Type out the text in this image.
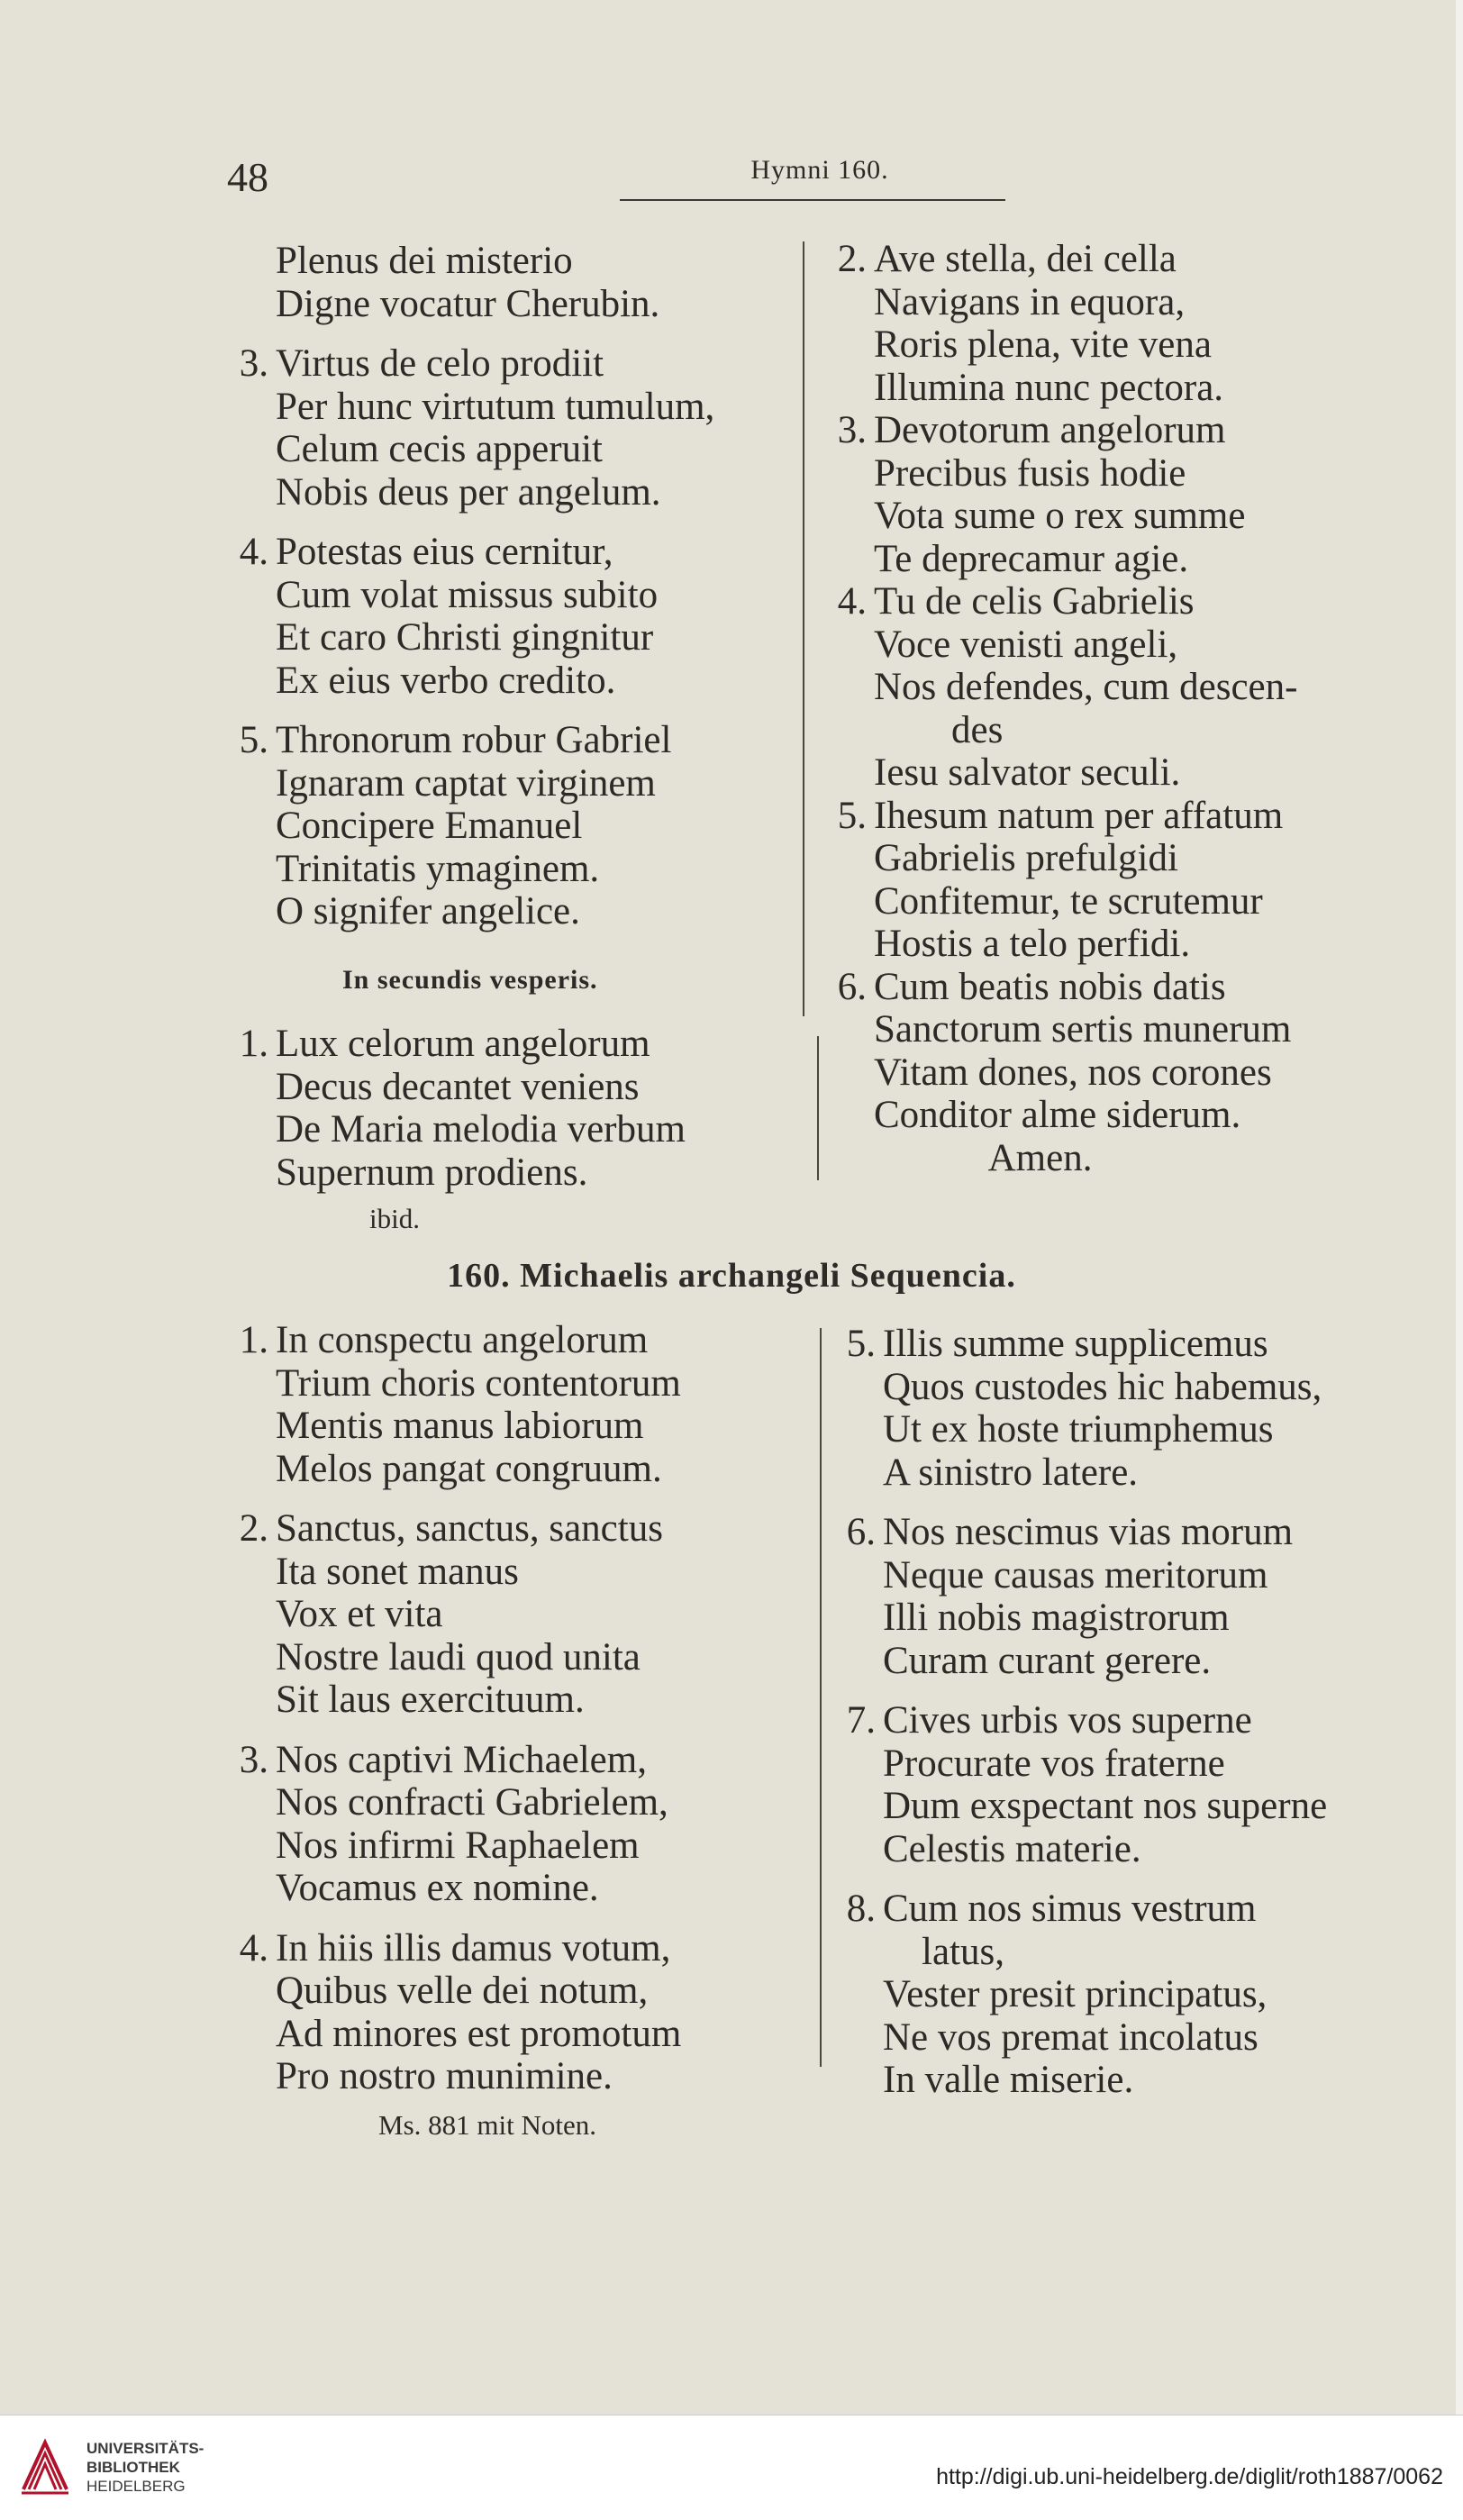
48	Hymni 160.
Plenus dei misterio
Digne vocatur Cherubin.
3. Virtus de celo prodiit
Per hunc virtutum tumulum,
Celum cecis apperuit
Nobis deus per angelum.
4. Potestas eius cernitur,
Cum volat missus subito
Et caro Christi gingnitur
Ex eius verbo credito.
5. Thronorum robur Gabriel
Ignaram captat virginem
Concipere Emanuel
Trinitatis ymaginem.
O signifer angelice.
In secundis vesperis.
1. Lux celorum angelorum
Decus decantet veniens
De Maria melodia verbum
Supernum prodiens.
ibid.
2. Ave stella, dei cella
Navigans in equora,
Roris plena, vite vena
Illumina nunc pectora.
3. Devotorum angelorum
Precibus fusis hodie
Vota sume o rex summe
Te deprecamur agie.
4. Tu de celis Gabrielis
Voce venisti angeli,
Nos defendes, cum descen-
des
Iesu salvator seculi.
5. Ihesum natum per affatum
Gabrielis prefulgidi
Confitemur, te scrutemur
Hostis a telo perfidi.
6. Cum beatis nobis datis
Sanctorum sertis munerum
Vitam dones, nos corones
Conditor alme siderum.
Amen.
160. Michaelis archangeli Sequencia.
1. In conspectu angelorum
Trium choris contentorum
Mentis manus labiorum
Melos pangat congruum.
2. Sanctus, sanctus, sanctus
Ita sonet manus
Vox et vita
Nostre laudi quod unita
Sit laus exercituum.
3. Nos captivi Michaelem,
Nos confracti Gabrielem,
Nos infirmi Raphaelem
Vocamus ex nomine.
4. In hiis illis damus votum,
Quibus velle dei notum,
Ad minores est promotum
Pro nostro munimine.
Ms. 881 mit Noten.
5. Illis summe supplicemus
Quos custodes hic habemus,
Ut ex hoste triumphemus
A sinistro latere.
6. Nos nescimus vias morum
Neque causas meritorum
Illi nobis magistrorum
Curam curant gerere.
7. Cives urbis vos superne
Procurate vos fraterne
Dum exspectant nos superne
Celestis materie.
8. Cum nos simus vestrum
latus,
Vester presit principatus,
Ne vos premat incolatus
In valle miserie.
UNIVERSITÄTS-
BIBLIOTHEK
HEIDELBERG	http://digi.ub.uni-heidelberg.de/diglit/roth1887/0062
